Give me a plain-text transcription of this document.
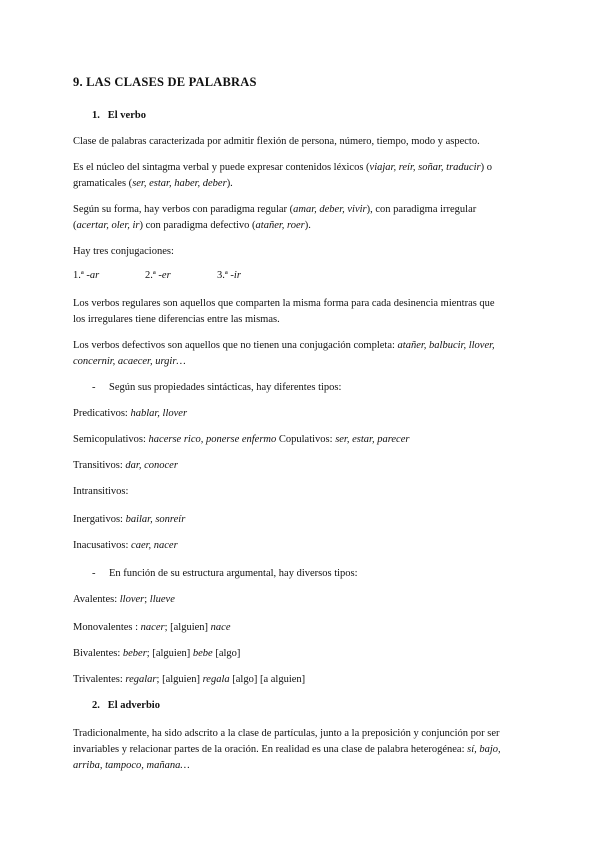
9. LAS CLASES DE PALABRAS
1. El verbo
Clase de palabras caracterizada por admitir flexión de persona, número, tiempo, modo y aspecto.
Es el núcleo del sintagma verbal y puede expresar contenidos léxicos (viajar, reír, soñar, traducir) o
gramaticales (ser, estar, haber, deber).
Según su forma, hay verbos con paradigma regular (amar, deber, vivir), con paradigma irregular
(acertar, oler, ir) con paradigma defectivo (atañer, roer).
Hay tres conjugaciones:
1.ª -ar	2.ª -er	3.ª -ir
Los verbos regulares son aquellos que comparten la misma forma para cada desinencia mientras que
los irregulares tiene diferencias entre las mismas.
Los verbos defectivos son aquellos que no tienen una conjugación completa: atañer, balbucir, llover,
concernir, acaecer, urgir…
- Según sus propiedades sintácticas, hay diferentes tipos:
Predicativos: hablar, llover
Semicopulativos: hacerse rico, ponerse enfermo Copulativos: ser, estar, parecer
Transitivos: dar, conocer
Intransitivos:
Inergativos: bailar, sonreír
Inacusativos: caer, nacer
- En función de su estructura argumental, hay diversos tipos:
Avalentes: llover; llueve
Monovalentes : nacer; [alguien] nace
Bivalentes: beber; [alguien] bebe [algo]
Trivalentes: regalar; [alguien] regala [algo] [a alguien]
2. El adverbio
Tradicionalmente, ha sido adscrito a la clase de partículas, junto a la preposición y conjunción por ser
invariables y relacionar partes de la oración. En realidad es una clase de palabra heterogénea: sí, bajo,
arriba, tampoco, mañana…
